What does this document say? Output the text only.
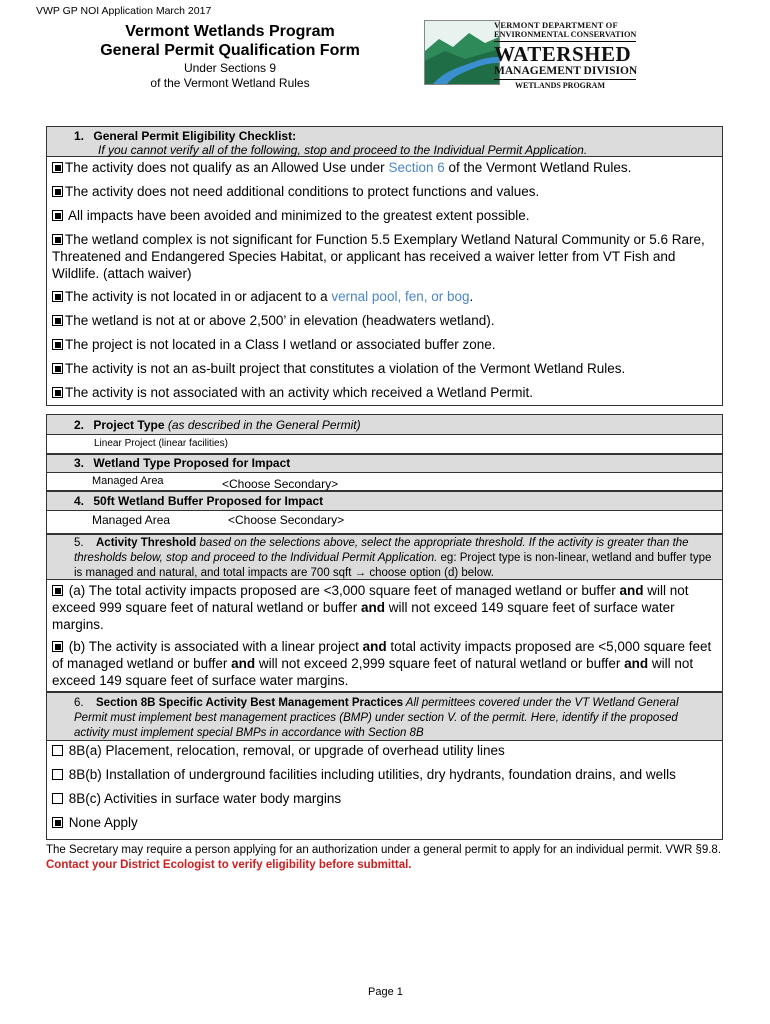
VWP GP NOI Application March 2017
Vermont Wetlands Program
General Permit Qualification Form
Under Sections 9
of the Vermont Wetland Rules
VERMONT DEPARTMENT OF
ENVIRONMENTAL CONSERVATION
WATERSHED
MANAGEMENT DIVISION
WETLANDS PROGRAM
1. General Permit Eligibility Checklist:
If you cannot verify all of the following, stop and proceed to the Individual Permit Application.
The activity does not qualify as an Allowed Use under Section 6 of the Vermont Wetland Rules.
The activity does not need additional conditions to protect functions and values.
All impacts have been avoided and minimized to the greatest extent possible.
The wetland complex is not significant for Function 5.5 Exemplary Wetland Natural Community or 5.6 Rare, Threatened and Endangered Species Habitat, or applicant has received a waiver letter from VT Fish and Wildlife. (attach waiver)
The activity is not located in or adjacent to a vernal pool, fen, or bog.
The wetland is not at or above 2,500’ in elevation (headwaters wetland).
The project is not located in a Class I wetland or associated buffer zone.
The activity is not an as-built project that constitutes a violation of the Vermont Wetland Rules.
The activity is not associated with an activity which received a Wetland Permit.
2. Project Type (as described in the General Permit)
Linear Project (linear facilities)
3. Wetland Type Proposed for Impact
Managed Area	<Choose Secondary>
4. 50ft Wetland Buffer Proposed for Impact
Managed Area	<Choose Secondary>
5. Activity Threshold based on the selections above, select the appropriate threshold. If the activity is greater than the thresholds below, stop and proceed to the Individual Permit Application. eg: Project type is non-linear, wetland and buffer type is managed and natural, and total impacts are 700 sqft → choose option (d) below.
(a) The total activity impacts proposed are <3,000 square feet of managed wetland or buffer and will not exceed 999 square feet of natural wetland or buffer and will not exceed 149 square feet of surface water margins.
(b) The activity is associated with a linear project and total activity impacts proposed are <5,000 square feet of managed wetland or buffer and will not exceed 2,999 square feet of natural wetland or buffer and will not exceed 149 square feet of surface water margins.
6. Section 8B Specific Activity Best Management Practices All permittees covered under the VT Wetland General Permit must implement best management practices (BMP) under section V. of the permit. Here, identify if the proposed activity must implement special BMPs in accordance with Section 8B
8B(a) Placement, relocation, removal, or upgrade of overhead utility lines
8B(b) Installation of underground facilities including utilities, dry hydrants, foundation drains, and wells
8B(c) Activities in surface water body margins
None Apply
The Secretary may require a person applying for an authorization under a general permit to apply for an individual permit. VWR §9.8. Contact your District Ecologist to verify eligibility before submittal.
Page 1
